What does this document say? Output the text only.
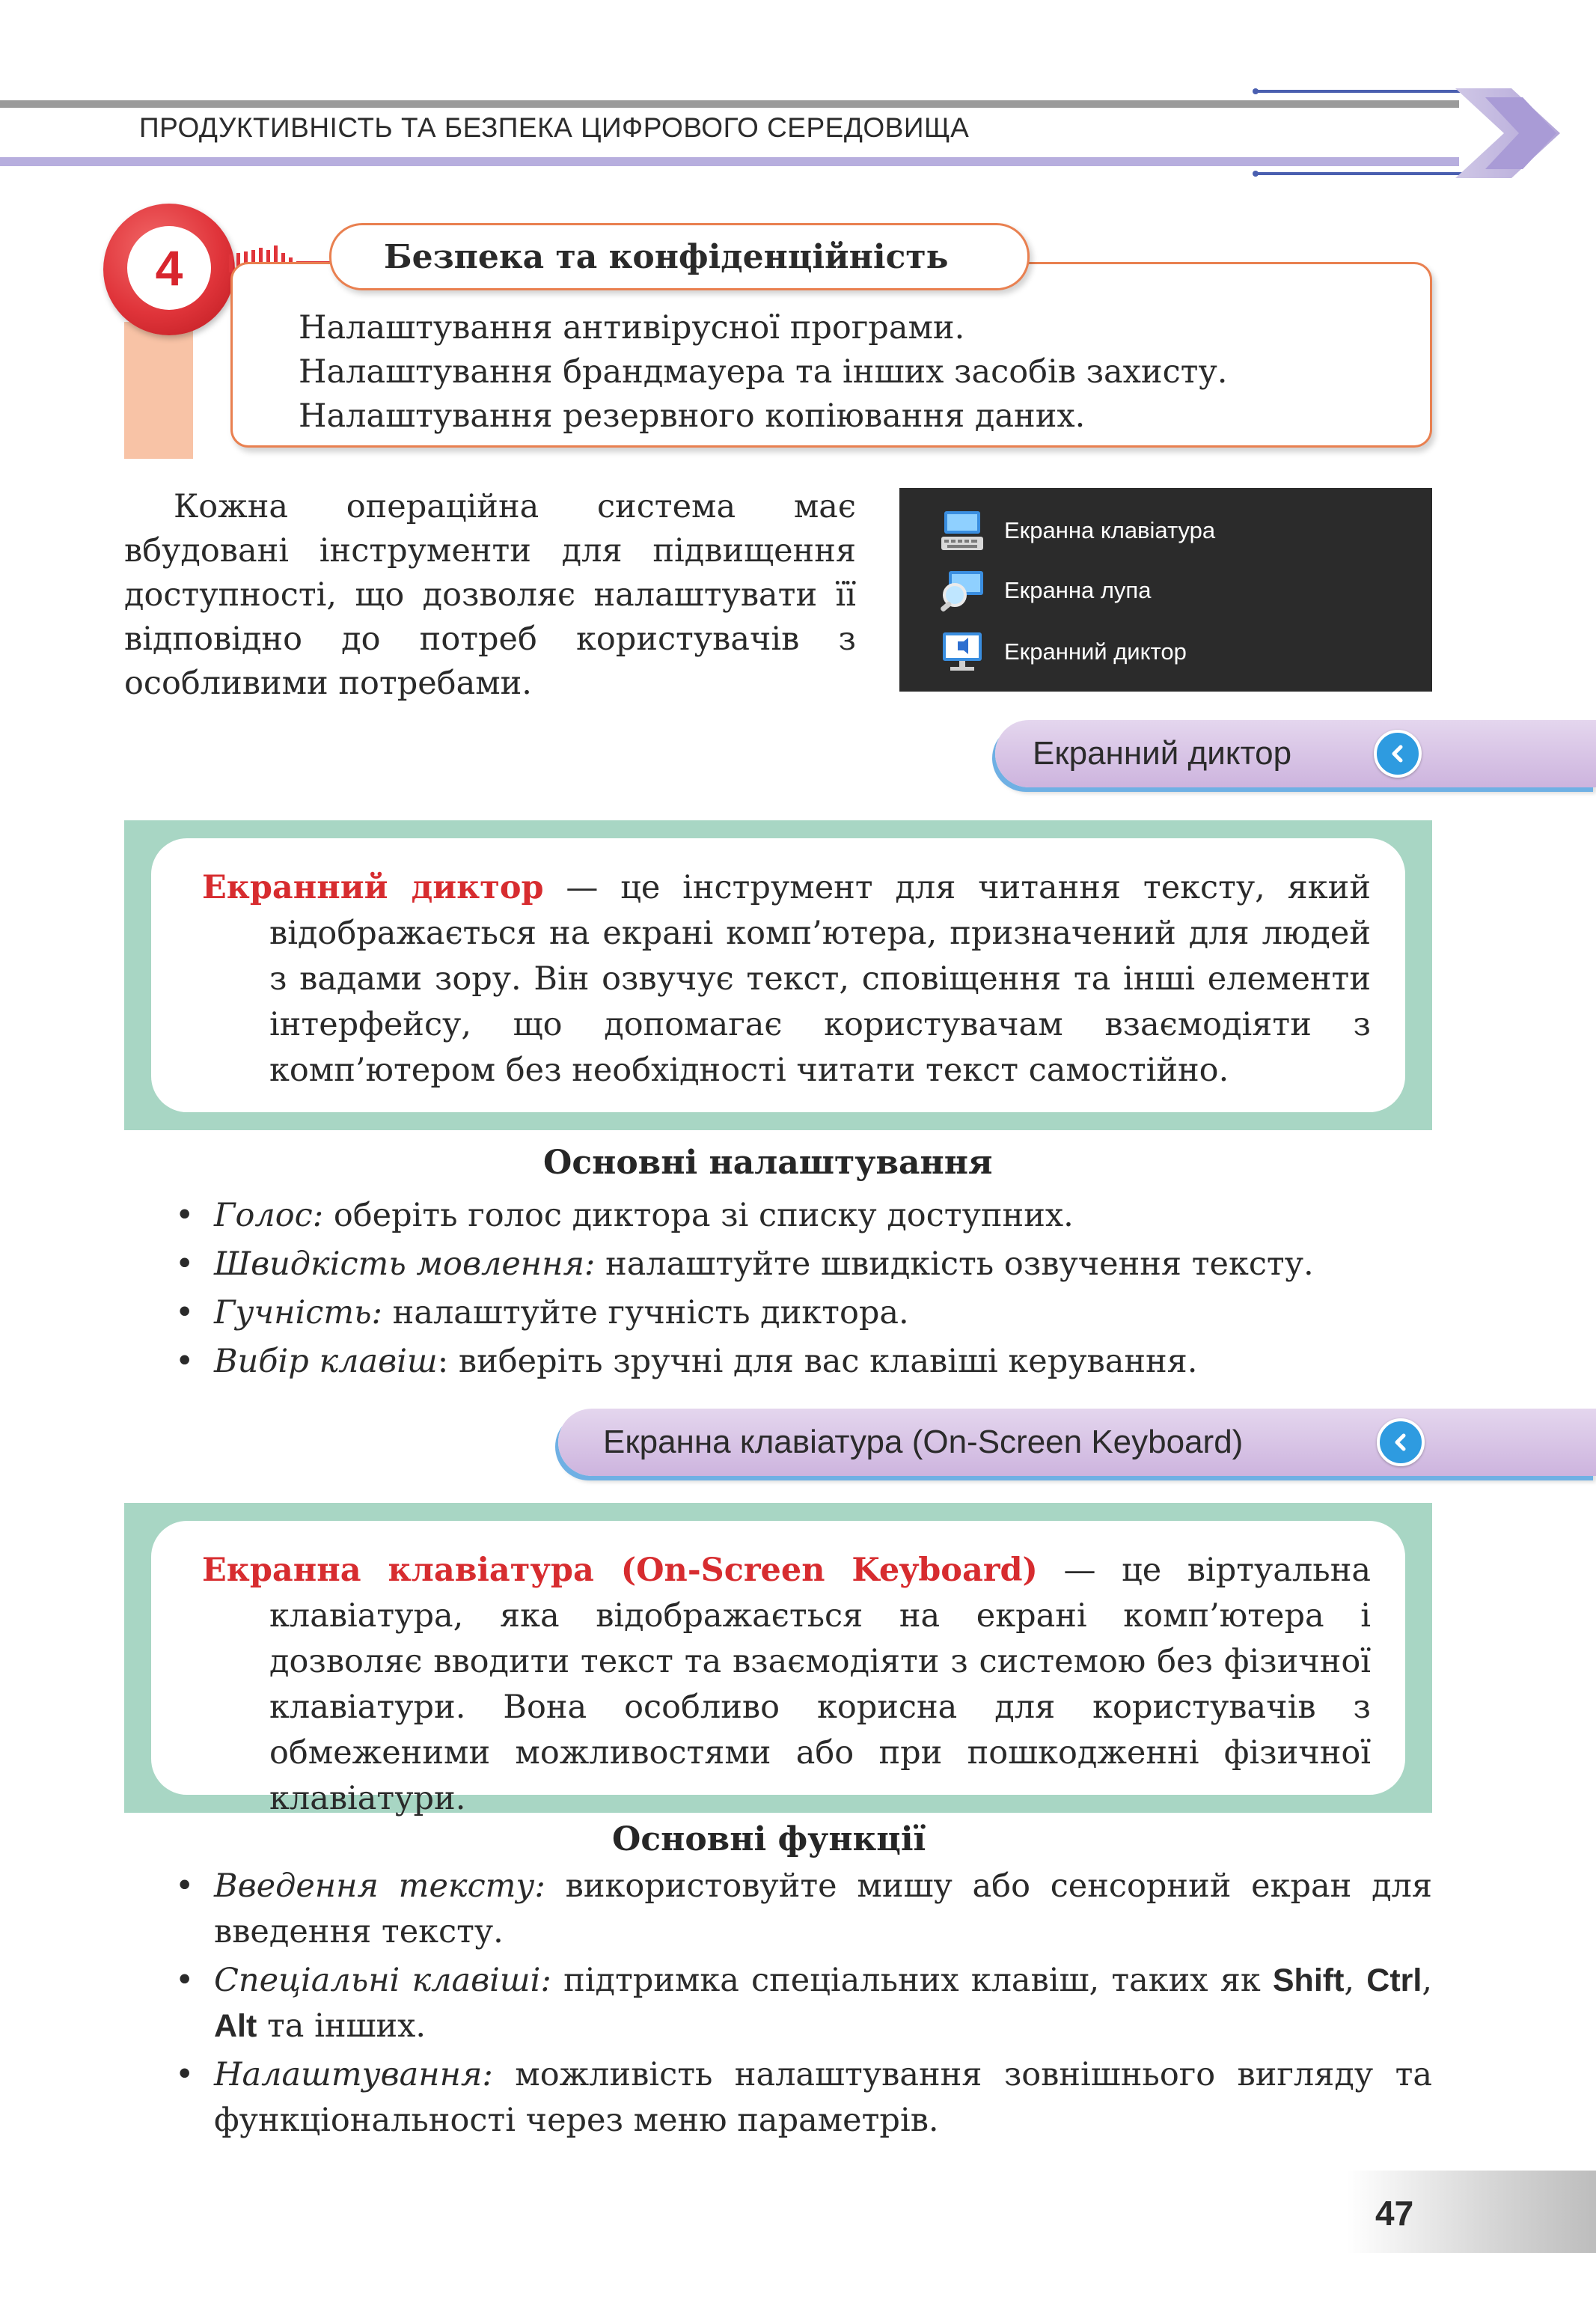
ПРОДУКТИВНІСТЬ ТА БЕЗПЕКА ЦИФРОВОГО СЕРЕДОВИЩА
4	Безпека та конфіденційність
Налаштування антивірусної програми.
Налаштування брандмауера та інших засобів захисту.
Налаштування резервного копіювання даних.

Кожна операційна система має вбудовані інструменти для підвищення доступності, що дозволяє налаштувати її відповідно до потреб користувачів з особливими потребами.

Екранна клавіатура
Екранна лупа
Екранний диктор
Екранний диктор

Екранний диктор — це інструмент для читання тексту, який відображається на екрані комп’ютера, призначений для людей з вадами зору. Він озвучує текст, сповіщення та інші елементи інтерфейсу, що допомагає користувачам взаємодіяти з комп’ютером без необхідності читати текст самостійно.

Основні налаштування
• Голос: оберіть голос диктора зі списку доступних.
• Швидкість мовлення: налаштуйте швидкість озвучення тексту.
• Гучність: налаштуйте гучність диктора.
• Вибір клавіш: виберіть зручні для вас клавіші керування.
Екранна клавіатура (On-Screen Keyboard)

Екранна клавіатура (On-Screen Keyboard) — це віртуальна клавіатура, яка відображається на екрані комп’ютера і дозволяє вводити текст та взаємодіяти з системою без фізичної клавіатури. Вона особливо корисна для користувачів з обмеженими можливостями або при пошкодженні фізичної клавіатури.

Основні функції
• Введення тексту: використовуйте мишу або сенсорний екран для введення тексту.
• Спеціальні клавіші: підтримка спеціальних клавіш, таких як Shift, Ctrl, Alt та інших.
• Налаштування: можливість налаштування зовнішнього вигляду та функціональності через меню параметрів.
47
